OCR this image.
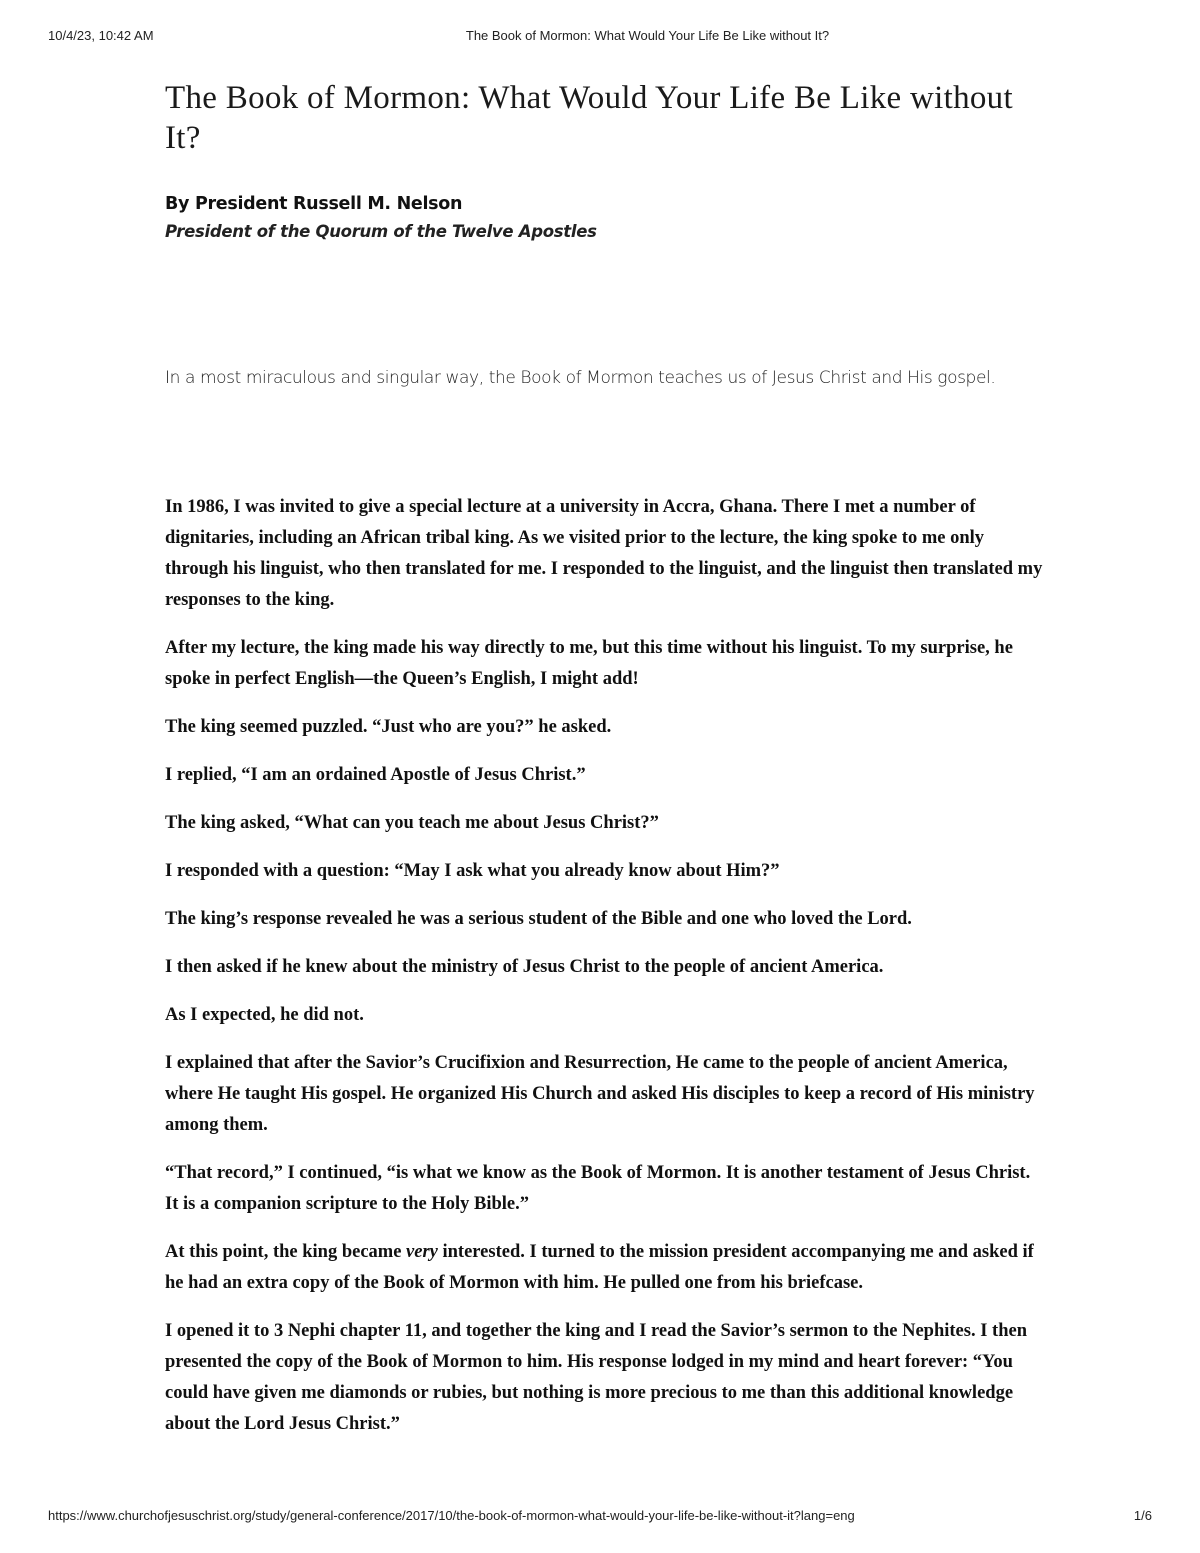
10/4/23, 10:42 AM	The Book of Mormon: What Would Your Life Be Like without It?
The Book of Mormon: What Would Your Life Be Like without It?
By President Russell M. Nelson
President of the Quorum of the Twelve Apostles
In a most miraculous and singular way, the Book of Mormon teaches us of Jesus Christ and His gospel.

In 1986, I was invited to give a special lecture at a university in Accra, Ghana. There I met a number of dignitaries, including an African tribal king. As we visited prior to the lecture, the king spoke to me only through his linguist, who then translated for me. I responded to the linguist, and the linguist then translated my responses to the king.

After my lecture, the king made his way directly to me, but this time without his linguist. To my surprise, he spoke in perfect English—the Queen’s English, I might add!

The king seemed puzzled. “Just who are you?” he asked.

I replied, “I am an ordained Apostle of Jesus Christ.”

The king asked, “What can you teach me about Jesus Christ?”

I responded with a question: “May I ask what you already know about Him?”

The king’s response revealed he was a serious student of the Bible and one who loved the Lord.

I then asked if he knew about the ministry of Jesus Christ to the people of ancient America.

As I expected, he did not.

I explained that after the Savior’s Crucifixion and Resurrection, He came to the people of ancient America, where He taught His gospel. He organized His Church and asked His disciples to keep a record of His ministry among them.

“That record,” I continued, “is what we know as the Book of Mormon. It is another testament of Jesus Christ. It is a companion scripture to the Holy Bible.”

At this point, the king became very interested. I turned to the mission president accompanying me and asked if he had an extra copy of the Book of Mormon with him. He pulled one from his briefcase.

I opened it to 3 Nephi chapter 11, and together the king and I read the Savior’s sermon to the Nephites. I then presented the copy of the Book of Mormon to him. His response lodged in my mind and heart forever: “You could have given me diamonds or rubies, but nothing is more precious to me than this additional knowledge about the Lord Jesus Christ.”

https://www.churchofjesuschrist.org/study/general-conference/2017/10/the-book-of-mormon-what-would-your-life-be-like-without-it?lang=eng	1/6
